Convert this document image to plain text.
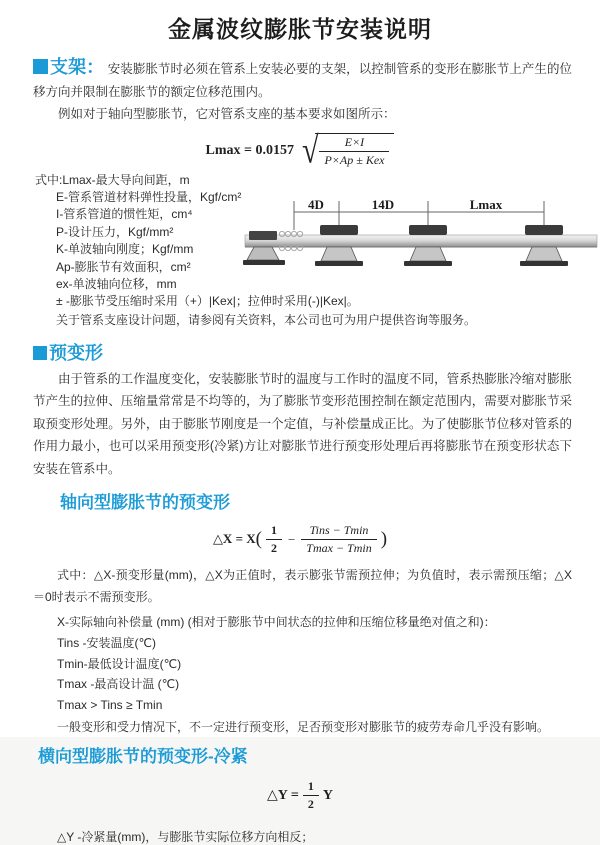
金属波纹膨胀节安装说明
支架： 安装膨胀节时必须在管系上安装必要的支架，以控制管系的变形在膨胀节上产生的位移方向并限制在膨胀节的额定位移范围内。
例如对于轴向型膨胀节，它对管系支座的基本要求如图所示：
Lmax = 0.0157 √ $\frac{E\times I}{\text{P×Ap ± Kex}}$
式中:Lmax-最大导向间距，m
E-管系管道材料弹性投量，Kgf/cm²
I-管系管道的惯性矩，cm⁴
P-设计压力，Kgf/mm²
K-单波轴向刚度；Kgf/mm
Ap-膨胀节有效面积，cm²
ex-单波轴向位移，mm
± -膨胀节受压缩时采用（+）|Kex|；拉伸时采用(-)|Kex|。
关于管系支座设计问题，请参阅有关资料，本公司也可为用户提供咨询等服务。
4D	14D	Lmax
预变形
由于管系的工作温度变化，安装膨胀节时的温度与工作时的温度不同，管系热膨胀冷缩对膨胀节产生的拉伸、压缩量常常是不均等的，为了膨胀节变形范围控制在额定范围内，需要对膨胀节采取预变形处理。另外，由于膨胀节刚度是一个定值，与补偿量成正比。为了使膨胀节位移对管系的作用力最小，也可以采用预变形(冷紧)方让对膨胀节进行预变形处理后再将膨胀节在预变形状态下安装在管系中。
轴向型膨胀节的预变形
△X = $X( \frac{1}{2} - \frac{\text{Tins − Tmin}}{Tmax - Tmin}$ )
式中：△X-预变形量(mm)，△X为正值时，表示膨张节需预拉伸；为负值时，表示需预压缩；△X＝0时表示不需预变形。
X-实际轴向补偿量 (mm) (相对于膨胀节中间状态的拉伸和压缩位移量绝对值之和)：
Tins -安装温度(℃)
Tmin-最低设计温度(℃)
Tmax -最高设计温 (℃)
Tmax > Tins ≥ Tmin
一般变形和受力情况下，不一定进行预变形，足否预变形对膨胀节的疲劳寿命几乎没有影响。
横向型膨胀节的预变形-冷紧
△Y = $\frac{1}{2}$ Y
△Y -冷紧量(mm)，与膨胀节实际位移方向相反；
